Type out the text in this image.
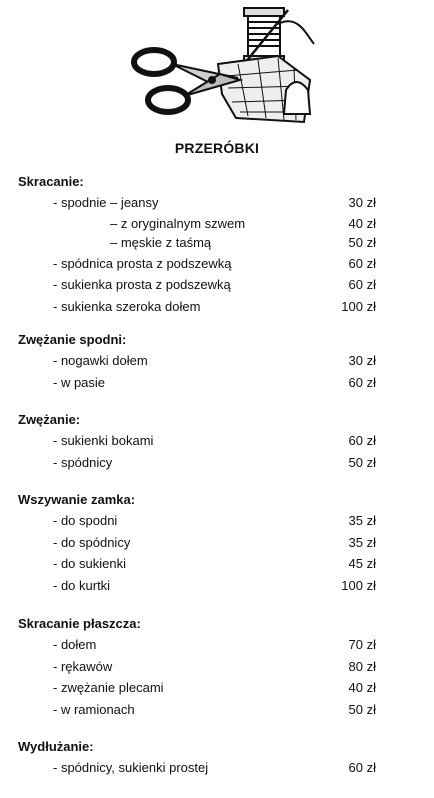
PRZERÓBKI
Skracanie:
- spodnie – jeansy	30 zł
– z oryginalnym szwem	40 zł
– męskie z taśmą	50 zł
- spódnica prosta z podszewką	60 zł
- sukienka prosta z podszewką	60 zł
- sukienka szeroka dołem	100 zł
Zwężanie spodni:
- nogawki dołem	30 zł
- w pasie	60 zł
Zwężanie:
- sukienki bokami	60 zł
- spódnicy	50 zł
Wszywanie zamka:
- do spodni	35 zł
- do spódnicy	35 zł
- do sukienki	45 zł
- do kurtki	100 zł
Skracanie płaszcza:
- dołem	70 zł
- rękawów	80 zł
- zwężanie plecami	40 zł
- w ramionach	50 zł
Wydłużanie:
- spódnicy, sukienki prostej	60 zł
